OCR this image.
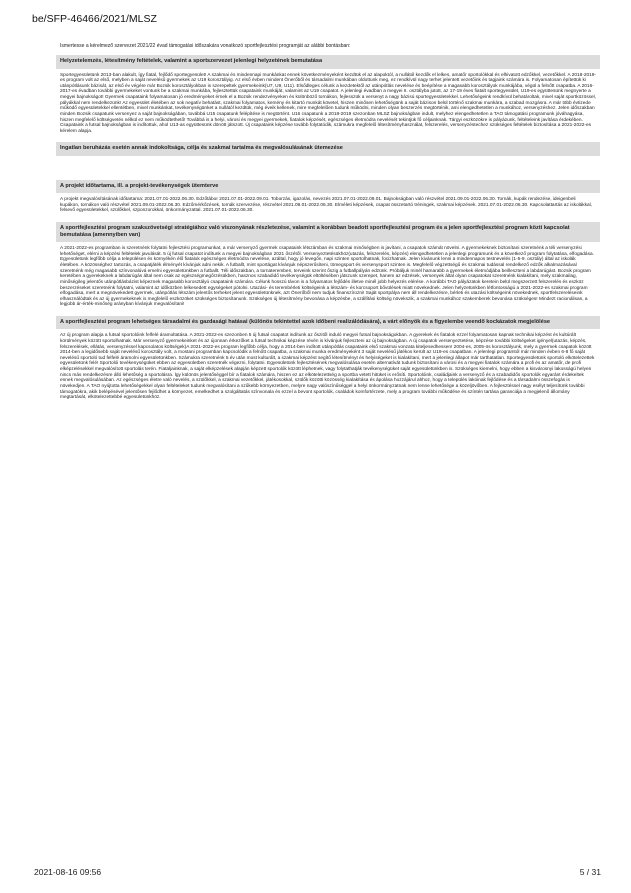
be/SFP-46466/2021/MLSZ
Ismertesse a kérelmező szervezet 2021/22 évad támogatási időszakára vonatkozó sportfejlesztési programját az alábbi bontásban:
Helyzetelemzés, létesítmény feltételek, valamint a sportszervezet jelenlegi helyzetének bemutatása
Sportegyesületünk 2013-ban alakult, így fiatal, fejlődő sportegyesület! A szakmai és mindennapi munkánkat ennek következményeként kezdtük el az alapoktól, a nullától kezdők el lelkes, amatőr sportolókkal és elhivatott edzőkkel, vezetőkkel. A 2018-2019-es program volt az első, melyben a saját nevelésű gyermekek az U19 korosztályig. Az első évben mindent Önerőből és társadalmi munkában oldottunk meg, ez rendkívül nagy terhet jelentett vezetőink és tagjaink számára is. Folyamatosan építettük ki utánpótlásunk bázisát, az első év végére már Bozsik korosztályokban is szerepeltek gyermekeink(U7, U9, U11). Elsődleges célunk a kezdetektől az utánpótlás nevelése és beépítése a magasabb korosztályok munkájába, végül a felnőtt csapatba. A 2016-2017-es évadban további gyermekeket vontunk be a szakmai munkába, fejlesztettük csapataink munkáját, valamint az U19 csapatot. A jelenlegi évadban a megyei II. osztályba jutott, az 17-19 éves fiatalt sportegyesület, U19-es együttesünk megnyerte a megyei bajnokságot! Gyermek csapataink folyamatosan jó eredményeket érnek el a Bozsik rendezvényeken és különböző tornákon, fejlesszük a versenyt a nagy bázisú sportegyesületekkel. Lehetőségeink rendkívül behatároltak, mivel saját sportközössel, pályákkal nem rendelkezünk! Az egyesület életében az sok negatív behatást, szakmai folyamatos, kemény és kitartó munkát követel, hiszen minősen lehetőségünk a saját bázison belül történő szakmai munkára, a szabad mozgásra. A már több évtizede működő egyesületekkel ellentétben, mivel munkánkat, tevékenységünket a nullától kezdtük, még éveik kellenek, mire megfelelően tudunk működni, minden olyan beszerzés megtörténik, ami elengedhetetlen a munkához, versenyzéshez. Jelen időszakban minden Bozsik csapatunk versenyez a saját bajnokságában, továbbá U15 csapatunk felépítése is megtörtént. U16 csapatunk a 2018-2019 szezonban MLSZ bajnokságban indult, melyhez elengedhetetlen a TAO támogatási programunk jóváhagyása, hiszen megfelelő költségvetés nélkül ez nem működtethető! Továbbá is a helyi, városi és megyei gyermekek, fiatalok képzését, egészséges életmódra nevelését tekintjük fő céljainknak. Tárgyi eszközökre is pályázunk, feltételeink javítása érdekében. Csapataink a futsal bajnokságban is indítottuk, ahol U13-as együttesünk dönött játszott. Új csapataink képzése tovább folytatódik, számukra megfelelő létesítményhasználat, felszerelés, versenyzéstechez szükséges feltételek biztosítása a 2021-2022-es kérelem alapja.
Ingatlan beruházás esetén annak indokoltsága, célja és szakmai tartalma és megvalósulásának ütemezése
A projekt időtartama, ill. a projekt-tevékenységek ütemterve
A projekt megvalósításának időtartama: 2021.07.01-2022.06.30. Edzőtábor 2021.07.01-2022.09.01. Toborzás, igazolás, nevezés 2021.07.01-2022.09.01. Bajnokságban való részvétel 2021.09.01-2022.06.30. Tornák, kupák rendezése, ideigenbeli kupákon, tornákon való részvétel 2021.09.01-2022.06.30. Edzőmérkőzések, tornák szervezése, részvétel 2021.09.01-2022.06.30. Elméleti képzések, csapat összetartó tréningek, szakmai képzések. 2021.07.01-2022.06.30. Kapcsolattartás az iskolákkal, felsevő egyesületekkel, szülőkkel, szponzorokkal, önkormányzattal. 2021.07.01-2022.06.30.
A sportfejlesztési program szakszövetségi stratégiához való viszonyának részletezése, valamint a korábban beadott sportfejlesztési program és a jelen sportfejlesztési program közti kapcsolat bemutatása (amennyiben van)
A 2021-2022-es programban is szeretnénk folytatni fejlesztési programunkat, a már versenyző gyermek csapataink létszámban és szakmai minőségben is javítani, a csapatok számát növelni. A gyermekeknek biztosítani szeretnénk a téli versenyzési lehetőséget, elérni a képzési feltételek javulását. 5 új futsal csapatot indítunk a megyei bajnokságban 2021 őszétől. Versenyeztetésükhöz(utazás, felszerelés, képzés) elengedhetetlen a jelenlegi programunk és a következő program folytatása, elfogadása. Egyesületünk legfőbb célja a településen és környékén élő fiatalok egészséges életmódra nevelése, azáltal, hogy jó levegőn, napi szinten sportolhatnak, focizhatnak. Jelen kivánunk lenni a mindennapos testnevelés (1-5-9. osztály) által az iskolák életében. A közösséghez tartozás, a csapatjáték élményét kívánjuk adni nekik. A futballt, mint sportágat kívánjuk népszerűsíteni, tömegsport és versenysport szinten is. Megfelelő végzettségű és szakmai tudással rendelkező edzők alkalmazásával szeretnénk még magasabb színvonalúvá emelni egyesületünkben a futballt. Téli időszakban, a tornateremben, terveink szerint őszig a futballpályán edzünk. Próbáljuk minél hamarabb a gyermekek életmódjába beilleszteni a labdarúgást. Bozsik program keretében a gyerekeknek a labdarúgás által nem csak az egészségmegőrzésükben, hasznos szabadidő tevékenységük eltöltésében játszunk szerepet, hanem az edzések, versenyek által olyan csapatokat szeretnénk kialakítani, mely szakmailag, minőségileg jelentős utánpótlásbázist képeznek magasabb korosztályú csapataink számára. Célunk hosszú távon is a folyamatos fejlődés illetve minél jobb helyezés elérése. A korábbi TAO pályázatok keretein belül megszerzett felszerelés és eszköz beszerzéseket szeretnénk folytatni, valamint az időközben lelkesedett egységeket pótolni. Utazási- és terembérleti költségeink a létszám- és korcsoport bővülések miatt növekednek. Jelen helyzetünkben létfontosságú a 2021-2022-es szakmai program elfogadása, mert a megnövekedett gyermek, utánpótlás létszám jelentős terheket jelent egyesületünknek, azt Önerőből nem tudjuk finanszírozni! Saját sportpálya nem áll rendelkezésre, bérleti és utazási költségeink növekednek, sportfelszereléseink elhasználódtak és az új gyermekeknek is megfelelő eszközöket szükséges biztosítanunk. Szükséges új létesítmény bevonása a képzésbe, a szállítási költség növekszik, a szakmai munkához szakemberek bevonása szükséges! Mindezt racionálisan, a legjobb ár-érték-minőség arányban kívánjuk megvalósítani!
A sportfejlesztési program lehetséges társadalmi és gazdasági hatásai (különös tekintettel azok időbeni realizálódására), a várt előnyök és a figyelembe veendő kockázatok megjelölése
Az új program alapja a futsal sportolóink felfelé áramoltatása. A 2021-2022-es szezonben 5 új futsal csapatot indítunk az őszitől induló megyei futsal bajnokságokban. A gyerekek és fiatalok ezzel folyamatosan kapnak technikai képzést és kultúrált körülmények között sportolhatnak. Már versenyző gyermekeinket és az újonnan érkezőket a futsal technikai képzése révén is kívánjuk fejleszteni az új bajnokságban. A új csapatok versenyeztetése, képzése további költségeket igényel(utazás, képzés, felszerelések, ellátás, versenyzéssel kapcsolatos költségek)A 2021-2022-es program legfőbb célja, hogy a 2014-ben indított utánpótlás csapataink első szakmai vonzata kiteljesedhessen! 2004-es, 2005-ös korosztályunk, mely a gyermek csapatok között 2014-ben a legidősebb saját nevelésű korosztály volt, a mostani programban kapcsolódik a felnőtt csapatba, a szakmai munka eredményeként 3 saját nevelésű játékos került az U19-es csapatban. A jelenlegi programtól már minden évben 6-8 fő saját nevelésű sportoló tud felfelé áramolni egyesületünkben. Számukra szeretnénk 5 év után most kulturált, a szakmai képzést segítő létesítményt és helyiségeket is kialakítani, mert a jelenlegi állapot már tarthatatlan. Sportegyesületünk sportoló elkötelezettek egyesületünk felé! Sportolói tevékenységüket ebben az egyesületben szeretnék végezni, folytatni. Egyesületünk fejlesztésének megvalósulása esetén alternatívát tudunk biztosítani a városi és a megyei fiatalok számára a profi és az amatőr, de profi elképzelésekkel megvalósított sportolás terén. Fiataljainknak, a saját elképzelések alapján képzett sportolók között léphetnek, vagy folytathatják tevékenységüket saját egyesületünkben is. Szükséges kiemelni, hogy ebben a kisvárosnyi lakosságú helyen nincs más rendelkezésre álló lehetőség a sportolásra. Így különös jelentőséggel bír a fiatalok számára, hiszen ez az elkötelezettség a sportba vetett hitüket is erősíti. Sportolóink, családjaink a versenyző és a szabadidős sportolók egyaránt érdekeltek ennek megvalósulásában. Az egészséges életre való nevelés, a szülőkkel, a szakmai vezetőkkel, játékosokkal, szülők közötti közösség kialakítása és ápolása hozzájárul ahhoz, hogy a település lakóinak fejlődése és a társadalmi összefogás is növekedjen. A TAO nyújtotta lehetőségekkel olyan feltételeket tudunk megvalósítani a szűkebb környezetben, melyre nagy valószínűséggel a helyi önkormányzatnak nem lenne lehetősége a közeljövőben. A fejlesztéssel nagy esélyt teljesítünk további támogatókra, akik belépésével jelentősen fejlődhet a környezet, emelkedhet a szolgáltatás színvonala és ezzel a bevont sportolók, családok komfortérzete, mely a program további működése és színtén tartása garanciája a megjelenő állomány megtartását, elkötelezettebbé egyesületünkhöz.
2021-08-16 09:56	5 / 31
